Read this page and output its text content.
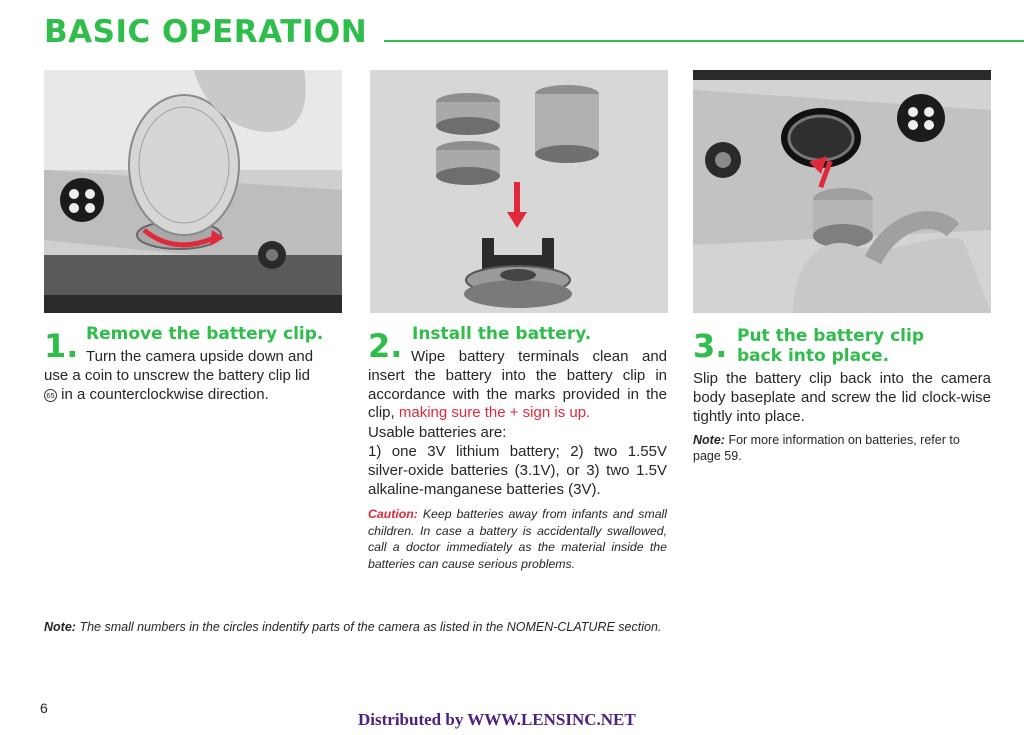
BASIC OPERATION
1. Remove the battery clip.
Turn the camera upside down and
use a coin to unscrew the battery clip lid
65 in a counterclockwise direction.
2. Install the battery.
Wipe battery terminals clean and insert the battery into the battery clip in accordance with the marks provided in the clip, making sure the + sign is up.
Usable batteries are:
1) one 3V lithium battery; 2) two 1.55V silver-oxide batteries (3.1V), or 3) two 1.5V alkaline-manganese batteries (3V).
Caution: Keep batteries away from infants and small children. In case a battery is accidentally swallowed, call a doctor immediately as the material inside the batteries can cause serious problems.
3. Put the battery clip
back into place.
Slip the battery clip back into the camera body baseplate and screw the lid clock-wise tightly into place.
Note: For more information on batteries, refer to page 59.
Note: The small numbers in the circles indentify parts of the camera as listed in the NOMEN-CLATURE section.
6
Distributed by WWW.LENSINC.NET
